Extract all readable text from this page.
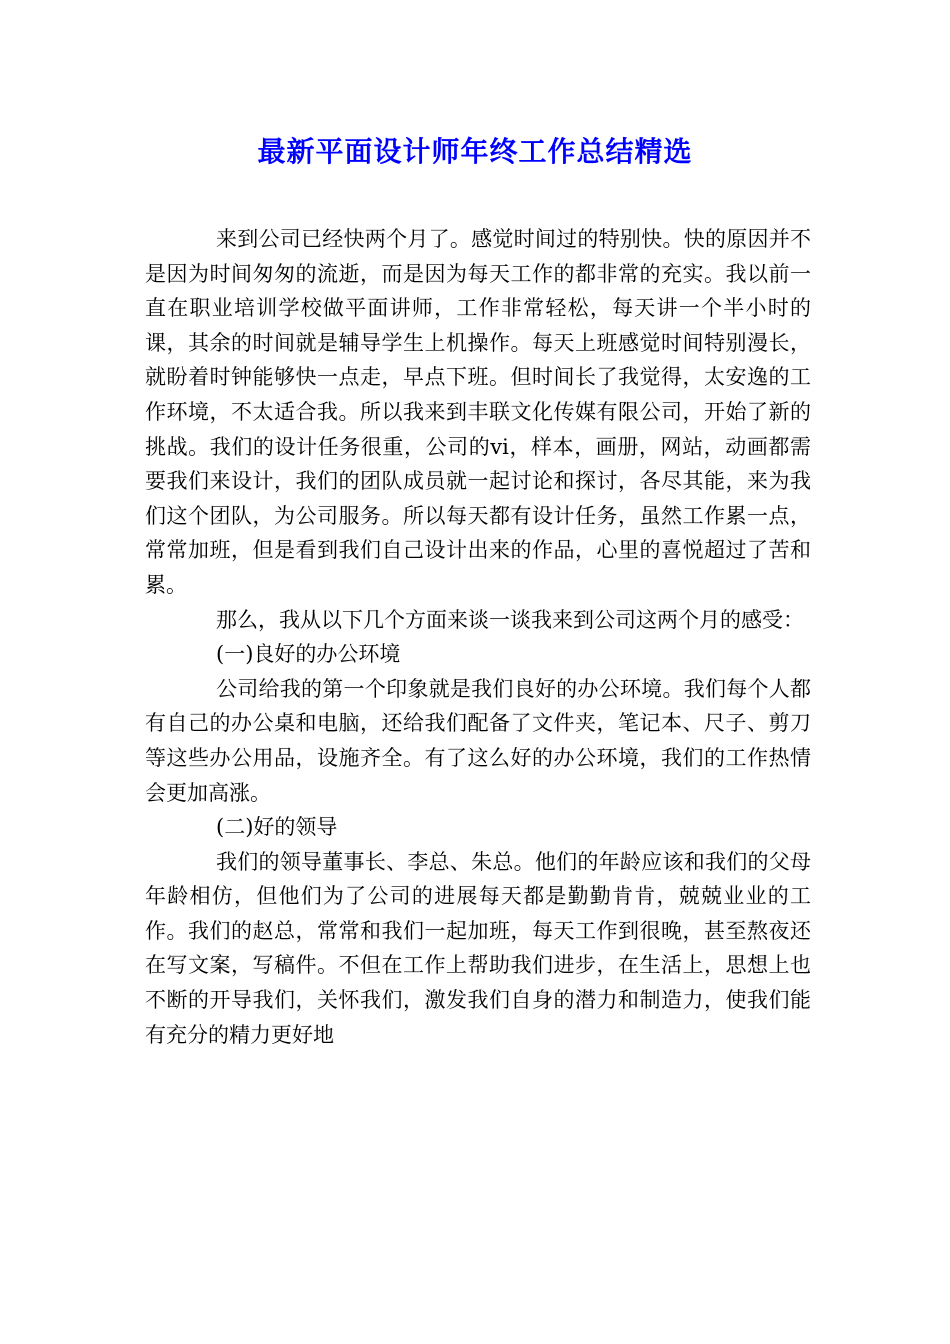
最新平面设计师年终工作总结精选

来到公司已经快两个月了。感觉时间过的特别快。快的原因并不是因为时间匆匆的流逝，而是因为每天工作的都非常的充实。我以前一直在职业培训学校做平面讲师，工作非常轻松，每天讲一个半小时的课，其余的时间就是辅导学生上机操作。每天上班感觉时间特别漫长，就盼着时钟能够快一点走，早点下班。但时间长了我觉得，太安逸的工作环境，不太适合我。所以我来到丰联文化传媒有限公司，开始了新的挑战。我们的设计任务很重，公司的vi，样本，画册，网站，动画都需要我们来设计，我们的团队成员就一起讨论和探讨，各尽其能，来为我们这个团队，为公司服务。所以每天都有设计任务，虽然工作累一点，常常加班，但是看到我们自己设计出来的作品，心里的喜悦超过了苦和累。

那么，我从以下几个方面来谈一谈我来到公司这两个月的感受：

(一)良好的办公环境

公司给我的第一个印象就是我们良好的办公环境。我们每个人都有自己的办公桌和电脑，还给我们配备了文件夹，笔记本、尺子、剪刀等这些办公用品，设施齐全。有了这么好的办公环境，我们的工作热情会更加高涨。

(二)好的领导

我们的领导董事长、李总、朱总。他们的年龄应该和我们的父母年龄相仿，但他们为了公司的进展每天都是勤勤肯肯，兢兢业业的工作。我们的赵总，常常和我们一起加班，每天工作到很晚，甚至熬夜还在写文案，写稿件。不但在工作上帮助我们进步，在生活上，思想上也不断的开导我们，关怀我们，激发我们自身的潜力和制造力，使我们能有充分的精力更好地
